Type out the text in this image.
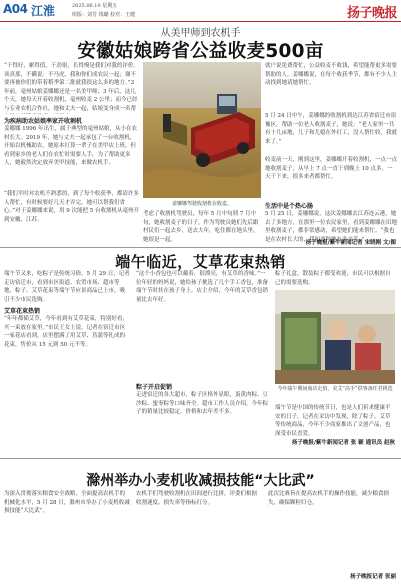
A04 江淮	2025.06.10 星期五
组版：刘芳 钱璐 校对：王健	扬子晚报
从美甲师到农机手
安徽姑娘跨省公益收麦500亩
“干得好，累得值，干劲很，长得慢是我们对我的评价。谈真那，不瞒说：不马虎、我和你们成农民一起；谢不要再被你们的带着稻季第二批就我很这么多的地方。”3 年前，毫州姑娘姜娜娜还是一名美甲师；3 年后，这几个天，她每天开着收割机，毫州收麦 2 公里；而今已经与专业农机合作社，她和丈夫一起，姑娘变身成一名帮
为疾病助农姑娘率家开收割机
姜娜娜 1996 年出生，属于典型的毫州姑娘，从小在农村长大。2019 年，她与丈夫一起承包了一台收割机，开始以机械助农。她原本打算一辈子在美甲店上班，但看到家乡的老人们在农忙时需要人手，为了帮助更多人，她毅然决定放弃美甲技能，来做农机手。
“我们平时对农机不熟悉的，到了每个收获季，都请许多人帮忙，有时候要好几天才弄完，她可以帮我们省心。”对于姜娜娜来说，用 9 次能把 5 台收割机从毫州开到安徽、江苏。
姜娜娜驾驶收割机在收麦。
考虑了收割机驾驶员，每年 5 月中旬到 7 月中旬，她收割麦子的日子，作为驾驶员她们先后跟村民们一起去乡，送去大年，吃住都在地头里，她很是一起。
就户说免费帮忙，公益收麦不收钱，希望能帮更多需要帮助的人。姜娜娜说，在每个收获季节，都有不少人主动找到她请她帮忙。
5 月 24 日中午，姜娜娜的收割机到达江苏省宿迁市宿豫区，帮助一位老人收割麦子，她说：“老人家里一共有十几亩地，儿子和儿媳在外打工，没人帮忙收，我就来了。”
收麦前一天，刚到这里，姜娜娜开着收割机，一点一点地收割麦子，从早上 7 点一直干到晚上 10 点多，一天干下来，很多来者都帮忙。
生活中是个热心肠
5 月 25 日，姜娜娜说，这次姜娜娜去江苏连云港，她去了多地方，在那里一位农民家里，看到姜娜娜在田地里收割麦子，都非常感动，希望她们能来帮忙。“我也是在农村长大的，我知道种地有多辛苦。”
扬子晚报/紫牛新闻记者 宋晓刚 文/图
端午临近，艾草花束热销
端午节又来，吃粽子是传统习俗。5 月 29 日，记者走访宿迁市，看到市区街道、农贸市场、超市等地，粽子、艾草花束等端午节应景商品已上市，吸引不少市民选购。
艾草花束热销
“年年都插艾草，今年看到有艾草花束，特别好看，买一束放在家里。”市民王女士说。记者在宿迁市区一家花店看到，店里摆满了用艾草、菖蒲等扎成的花束，售价从 15 元到 50 元不等。
“这个小香包也可以戴着，很漂亮，有艾草的香味。”一位年轻的妈妈说，她给孩子挑选了几个手工香包，准备端午节时挂在孩子身上。店主介绍，今年的艾草香包销量比去年好。
粽子开启促销
走进宿迁的各大超市，粽子区格外显眼，蛋黄肉粽、豆沙粽、蜜枣粽等口味齐全。超市工作人员介绍，今年粽子的销量比较稳定，价格和去年差不多。
粽子礼盒、散装粽子都受欢迎，市民可以根据自己的需要选购。
今年端午期间商店走俏，美艾“高手”供客备任君挑选
端午节是中国的传统节日，也是人们祈求健康平安的日子，记者在采访中发现，除了粽子、艾草等传统商品，今年不少商家推出了文创产品，也深受市民喜爱。
扬子晚报/紫牛新闻记者 张 颖 通讯员 赵秋
滁州举办小麦机收减损技能“大比武”
为深入贯彻落实粮食安全战略，全面提高农机手的机械化水平，5 月 28 日，滁州市举办了小麦机收减损技能“大比武”。
农机手们驾驶收割机在田间进行比拼，评委们根据收割速度、损失率等指标打分。
此次比赛旨在提高农机手的操作技能，减少粮食损失，确保颗粒归仓。
扬子晚报记者 张丽
